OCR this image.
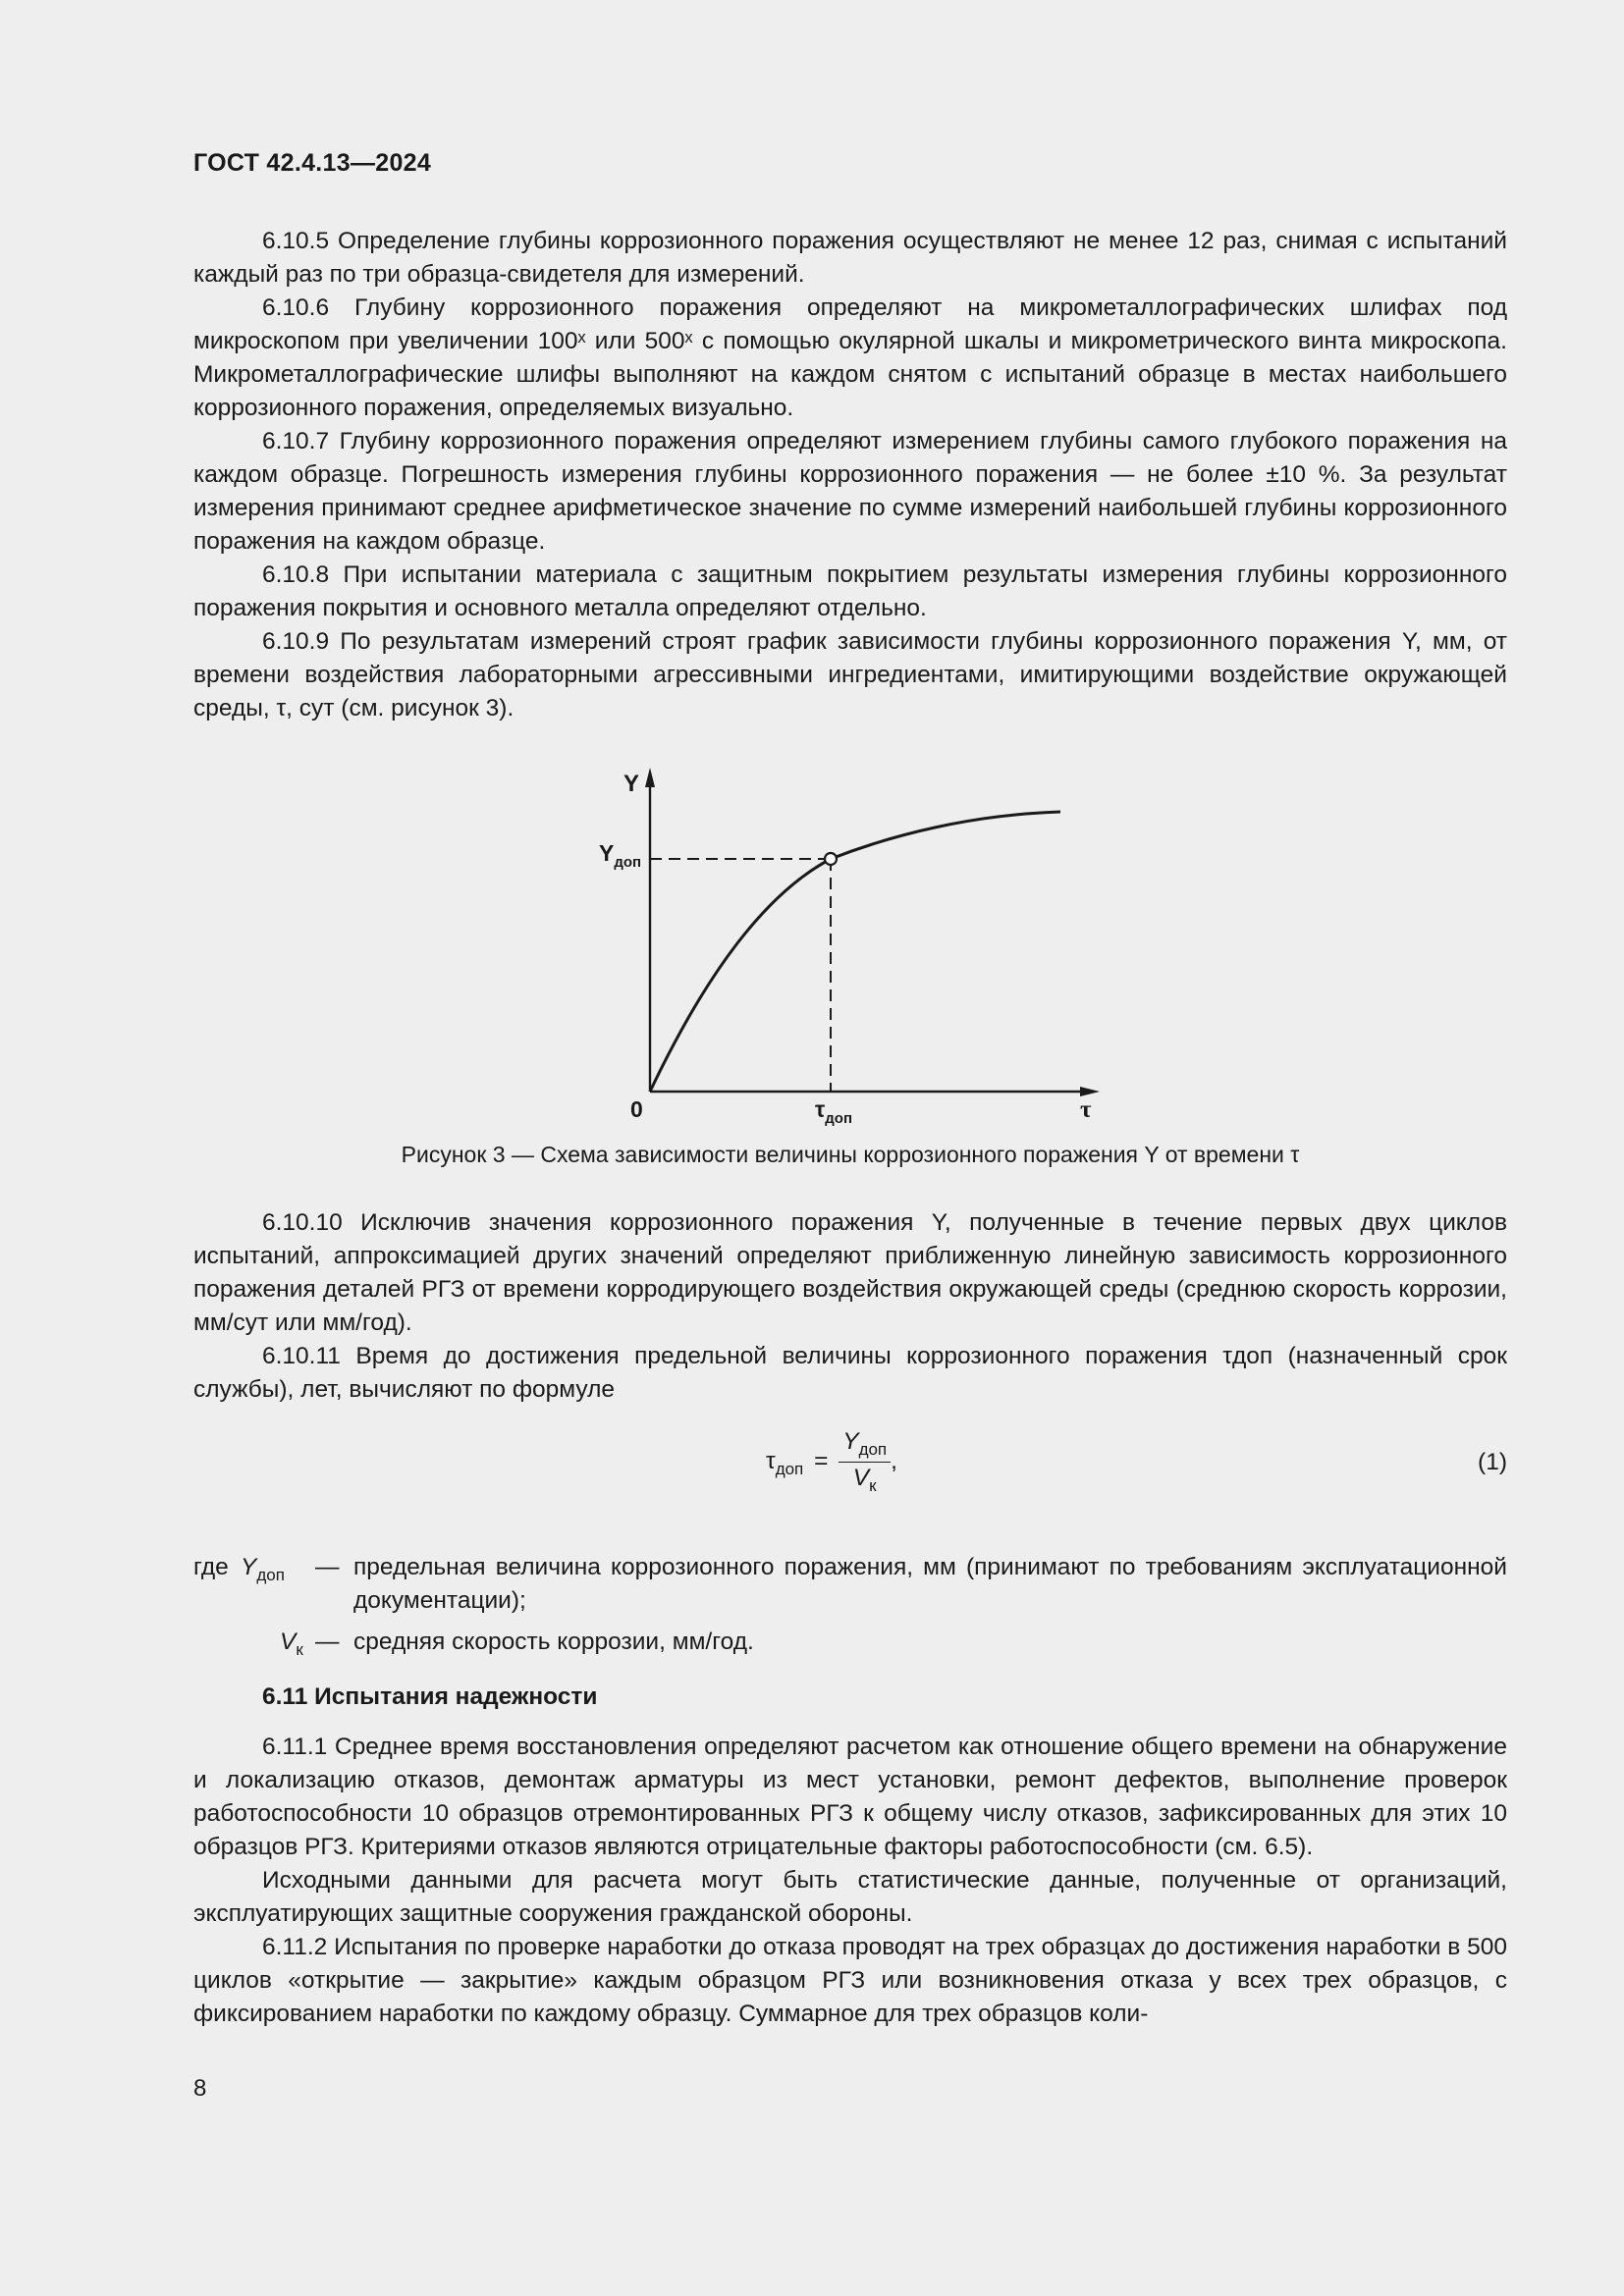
ГОСТ 42.4.13—2024

6.10.5 Определение глубины коррозионного поражения осуществляют не менее 12 раз, снимая с испытаний каждый раз по три образца-свидетеля для измерений.

6.10.6 Глубину коррозионного поражения определяют на микрометаллографических шлифах под микроскопом при увеличении 100ˣ или 500ˣ с помощью окулярной шкалы и микрометрического винта микроскопа. Микрометаллографические шлифы выполняют на каждом снятом с испытаний образце в местах наибольшего коррозионного поражения, определяемых визуально.

6.10.7 Глубину коррозионного поражения определяют измерением глубины самого глубокого поражения на каждом образце. Погрешность измерения глубины коррозионного поражения — не более ±10 %. За результат измерения принимают среднее арифметическое значение по сумме измерений наибольшей глубины коррозионного поражения на каждом образце.

6.10.8 При испытании материала с защитным покрытием результаты измерения глубины коррозионного поражения покрытия и основного металла определяют отдельно.

6.10.9 По результатам измерений строят график зависимости глубины коррозионного поражения Y, мм, от времени воздействия лабораторными агрессивными ингредиентами, имитирующими воздействие окружающей среды, τ, сут (см. рисунок 3).

Y
$Y_{доп}$
0	$\tau_{доп}$	τ
Рисунок 3 — Схема зависимости величины коррозионного поражения Y от времени τ

6.10.10 Исключив значения коррозионного поражения Y, полученные в течение первых двух циклов испытаний, аппроксимацией других значений определяют приближенную линейную зависимость коррозионного поражения деталей РГЗ от времени корродирующего воздействия окружающей среды (среднюю скорость коррозии, мм/сут или мм/год).

6.10.11 Время до достижения предельной величины коррозионного поражения τдоп (назначенный срок службы), лет, вычисляют по формуле

$\tau_{доп} = \frac{Y_{доп}}{V_к}$ ,	(1)
где $Y_{доп}$ — предельная величина коррозионного поражения, мм (принимают по требованиям эксплуатационной документации);
$V_к$ — средняя скорость коррозии, мм/год.
6.11 Испытания надежности

6.11.1 Среднее время восстановления определяют расчетом как отношение общего времени на обнаружение и локализацию отказов, демонтаж арматуры из мест установки, ремонт дефектов, выполнение проверок работоспособности 10 образцов отремонтированных РГЗ к общему числу отказов, зафиксированных для этих 10 образцов РГЗ. Критериями отказов являются отрицательные факторы работоспособности (см. 6.5).

Исходными данными для расчета могут быть статистические данные, полученные от организаций, эксплуатирующих защитные сооружения гражданской обороны.

6.11.2 Испытания по проверке наработки до отказа проводят на трех образцах до достижения наработки в 500 циклов «открытие — закрытие» каждым образцом РГЗ или возникновения отказа у всех трех образцов, с фиксированием наработки по каждому образцу. Суммарное для трех образцов коли-

8
